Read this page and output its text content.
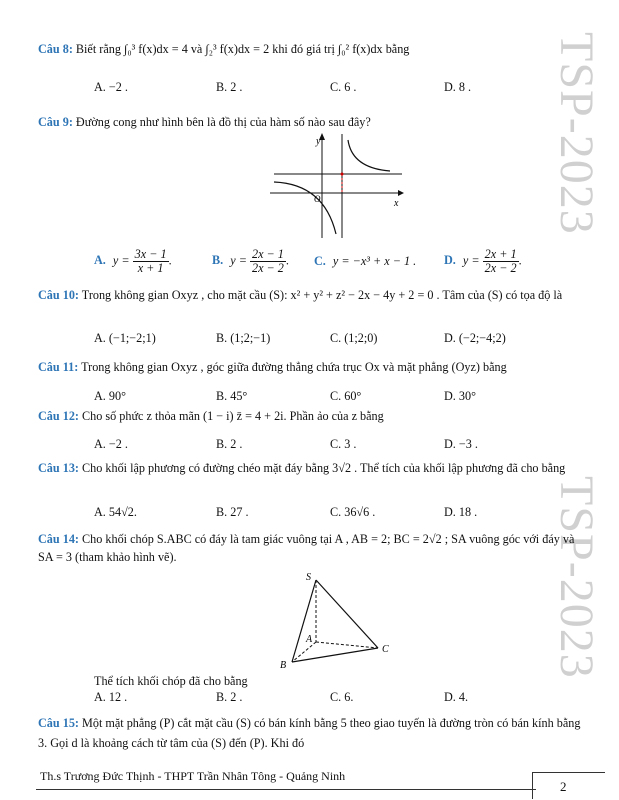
TSP-2023
TSP-2023
Câu 8: Biết rằng ∫₀³ f(x)dx = 4 và ∫₂³ f(x)dx = 2 khi đó giá trị ∫₀² f(x)dx bằng
A. −2 .	B. 2 .	C. 6 .	D. 8 .
Câu 9: Đường cong như hình bên là đồ thị của hàm số nào sau đây?
y
x
O
A. $y = \frac{3x - 1}{x + 1}$ .	B. $y = \frac{2x - 1}{2x - 2}$ . C. y = −x³ + x − 1 . D. $y = \frac{2x + 1}{2x - 2}$ .
Câu 10: Trong không gian Oxyz , cho mặt cầu (S): x² + y² + z² − 2x − 4y + 2 = 0 . Tâm của (S) có tọa độ là
A. (−1;−2;1)	B. (1;2;−1)	C. (1;2;0)	D. (−2;−4;2)
Câu 11: Trong không gian Oxyz , góc giữa đường thẳng chứa trục Ox và mặt phẳng (Oyz) bằng
A. 90°	B. 45°	C. 60°	D. 30°
Câu 12: Cho số phức z thỏa mãn (1 − i) z̄ = 4 + 2i. Phần ảo của z bằng
A. −2 .	B. 2 .	C. 3 .	D. −3 .
Câu 13: Cho khối lập phương có đường chéo mặt đáy bằng 3√2 . Thể tích của khối lập phương đã cho bằng
A. 54√2.	B. 27 .	C. 36√6 .	D. 18 .
Câu 14: Cho khối chóp S.ABC có đáy là tam giác vuông tại A , AB = 2; BC = 2√2 ; SA vuông góc với đáy và SA = 3 (tham khảo hình vẽ).
S
A
B
C
Thể tích khối chóp đã cho bằng
A. 12 .	B. 2 .	C. 6.	D. 4.
Câu 15: Một mặt phẳng (P) cắt mặt cầu (S) có bán kính bằng 5 theo giao tuyến là đường tròn có bán kính bằng 3. Gọi d là khoảng cách từ tâm của (S) đến (P). Khi đó
Th.s Trương Đức Thịnh - THPT Trần Nhân Tông - Quảng Ninh
2
